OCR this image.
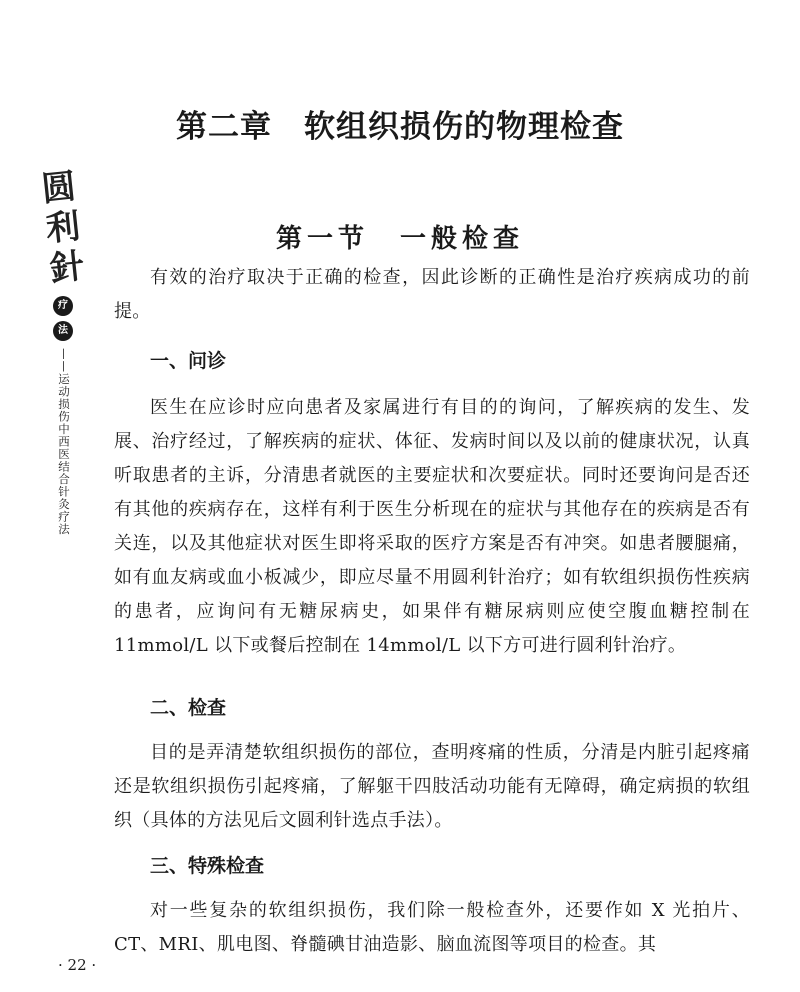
圆
利
針
疗
法
——运动损伤中西医结合针灸疗法
第二章　软组织损伤的物理检查
第一节　一般检查

有效的治疗取决于正确的检查，因此诊断的正确性是治疗疾病成功的前提。

一、问诊

医生在应诊时应向患者及家属进行有目的的询问，了解疾病的发生、发展、治疗经过，了解疾病的症状、体征、发病时间以及以前的健康状况，认真听取患者的主诉，分清患者就医的主要症状和次要症状。同时还要询问是否还有其他的疾病存在，这样有利于医生分析现在的症状与其他存在的疾病是否有关连，以及其他症状对医生即将采取的医疗方案是否有冲突。如患者腰腿痛，如有血友病或血小板减少，即应尽量不用圆利针治疗；如有软组织损伤性疾病的患者，应询问有无糖尿病史，如果伴有糖尿病则应使空腹血糖控制在 11mmol/L 以下或餐后控制在 14mmol/L 以下方可进行圆利针治疗。

二、检查

目的是弄清楚软组织损伤的部位，查明疼痛的性质，分清是内脏引起疼痛还是软组织损伤引起疼痛，了解躯干四肢活动功能有无障碍，确定病损的软组织（具体的方法见后文圆利针选点手法）。

三、特殊检查

对一些复杂的软组织损伤，我们除一般检查外，还要作如 X 光拍片、CT、MRI、肌电图、脊髓碘甘油造影、脑血流图等项目的检查。其

· 22 ·
